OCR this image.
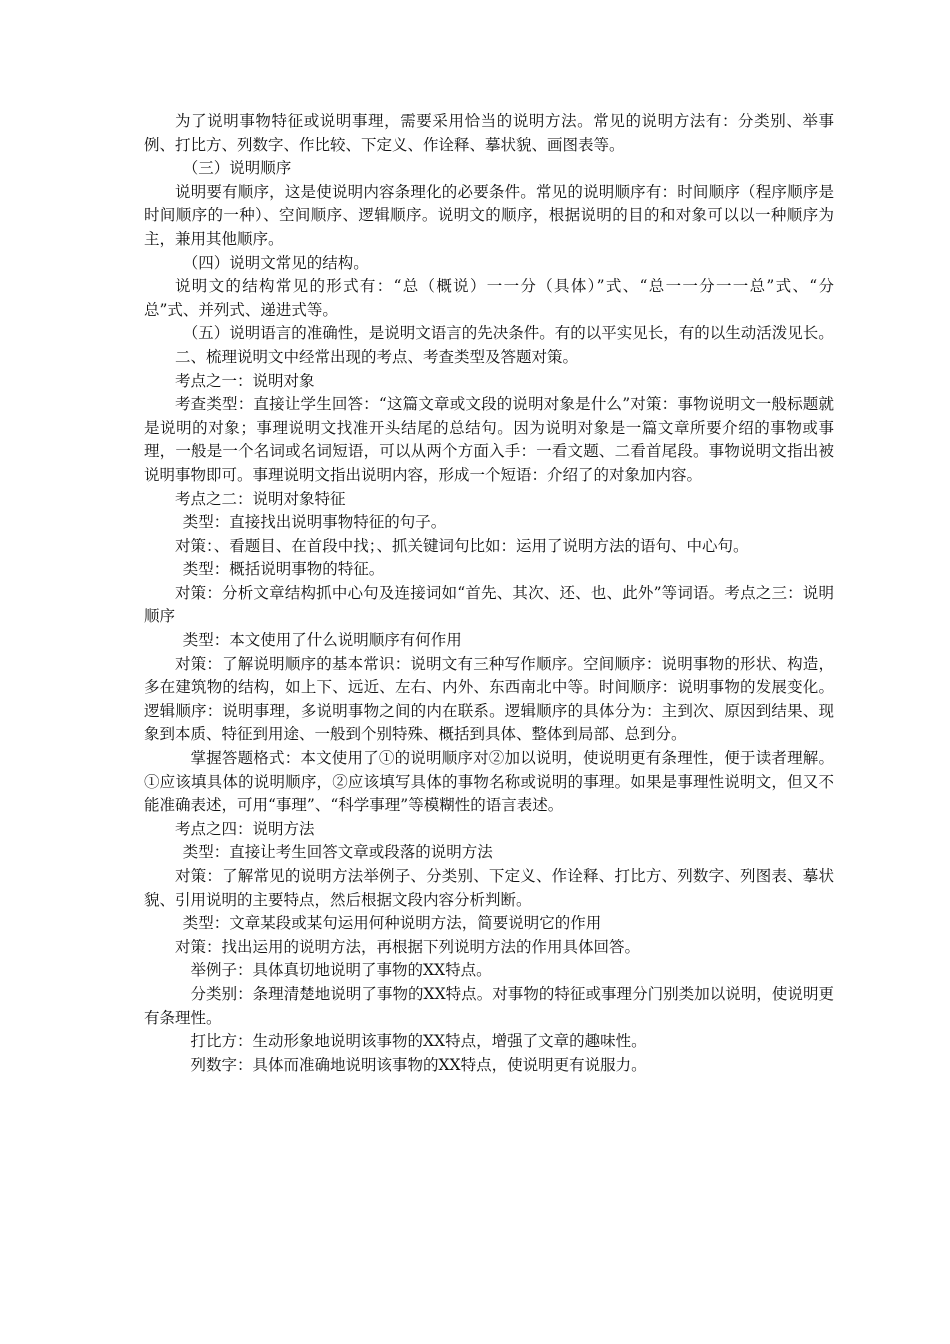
为了说明事物特征或说明事理，需要采用恰当的说明方法。常见的说明方法有：分类别、举事例、打比方、列数字、作比较、下定义、作诠释、摹状貌、画图表等。

（三）说明顺序

说明要有顺序，这是使说明内容条理化的必要条件。常见的说明顺序有：时间顺序（程序顺序是时间顺序的一种）、空间顺序、逻辑顺序。说明文的顺序，根据说明的目的和对象可以以一种顺序为主，兼用其他顺序。

（四）说明文常见的结构。

说明文的结构常见的形式有：“总（概说）一一分（具体）”式、“总一一分一一总”式、“分总”式、并列式、递进式等。

（五）说明语言的准确性，是说明文语言的先决条件。有的以平实见长，有的以生动活泼见长。

二、梳理说明文中经常出现的考点、考查类型及答题对策。

考点之一：说明对象

考查类型：直接让学生回答：“这篇文章或文段的说明对象是什么”对策：事物说明文一般标题就是说明的对象；事理说明文找准开头结尾的总结句。因为说明对象是一篇文章所要介绍的事物或事理，一般是一个名词或名词短语，可以从两个方面入手：一看文题、二看首尾段。事物说明文指出被说明事物即可。事理说明文指出说明内容，形成一个短语：介绍了的对象加内容。

考点之二：说明对象特征

类型：直接找出说明事物特征的句子。

对策：、看题目、在首段中找；、抓关键词句比如：运用了说明方法的语句、中心句。

类型：概括说明事物的特征。

对策：分析文章结构抓中心句及连接词如“首先、其次、还、也、此外”等词语。考点之三：说明顺序

类型：本文使用了什么说明顺序有何作用

对策：了解说明顺序的基本常识：说明文有三种写作顺序。空间顺序：说明事物的形状、构造，多在建筑物的结构，如上下、远近、左右、内外、东西南北中等。时间顺序：说明事物的发展变化。逻辑顺序：说明事理，多说明事物之间的内在联系。逻辑顺序的具体分为：主到次、原因到结果、现象到本质、特征到用途、一般到个别特殊、概括到具体、整体到局部、总到分。

掌握答题格式：本文使用了①的说明顺序对②加以说明，使说明更有条理性，便于读者理解。①应该填具体的说明顺序，②应该填写具体的事物名称或说明的事理。如果是事理性说明文，但又不能准确表述，可用“事理”、“科学事理”等模糊性的语言表述。

考点之四：说明方法

类型：直接让考生回答文章或段落的说明方法

对策：了解常见的说明方法举例子、分类别、下定义、作诠释、打比方、列数字、列图表、摹状貌、引用说明的主要特点，然后根据文段内容分析判断。

类型：文章某段或某句运用何种说明方法，简要说明它的作用

对策：找出运用的说明方法，再根据下列说明方法的作用具体回答。

举例子：具体真切地说明了事物的XX特点。

分类别：条理清楚地说明了事物的XX特点。对事物的特征或事理分门别类加以说明，使说明更有条理性。

打比方：生动形象地说明该事物的XX特点，增强了文章的趣味性。

列数字：具体而准确地说明该事物的XX特点，使说明更有说服力。
